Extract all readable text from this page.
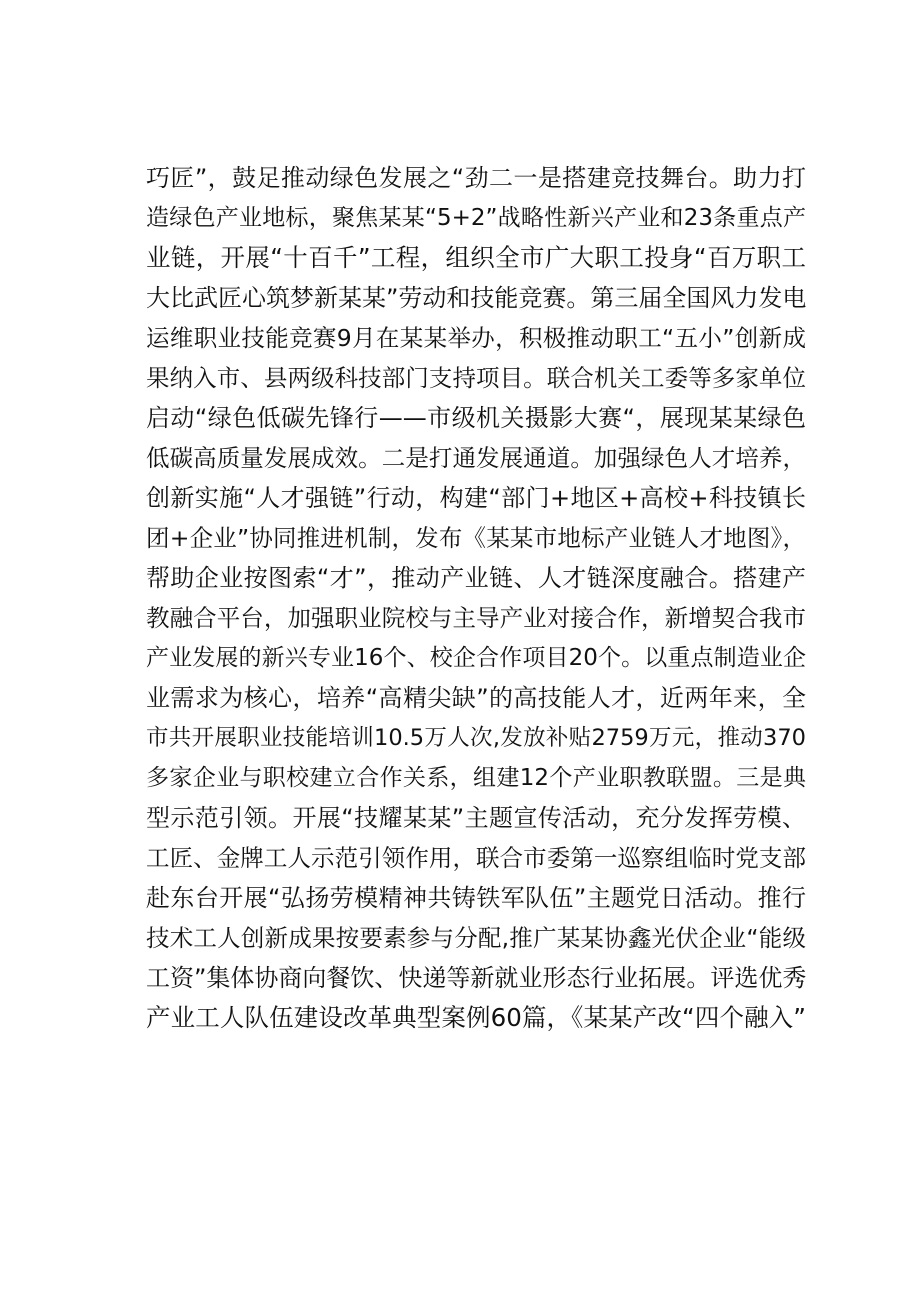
巧匠”，鼓足推动绿色发展之“劲二一是搭建竞技舞台。助力打
造绿色产业地标，聚焦某某“5+2”战略性新兴产业和23条重点产
业链，开展“十百千”工程，组织全市广大职工投身“百万职工
大比武匠心筑梦新某某”劳动和技能竞赛。第三届全国风力发电
运维职业技能竞赛9月在某某举办，积极推动职工“五小”创新成
果纳入市、县两级科技部门支持项目。联合机关工委等多家单位
启动“绿色低碳先锋行——市级机关摄影大赛“，展现某某绿色
低碳高质量发展成效。二是打通发展通道。加强绿色人才培养，
创新实施“人才强链”行动，构建“部门+地区+高校+科技镇长
团+企业”协同推进机制，发布《某某市地标产业链人才地图》，
帮助企业按图索“才”，推动产业链、人才链深度融合。搭建产
教融合平台，加强职业院校与主导产业对接合作，新增契合我市
产业发展的新兴专业16个、校企合作项目20个。以重点制造业企
业需求为核心，培养“高精尖缺”的高技能人才，近两年来，全
市共开展职业技能培训10.5万人次,发放补贴2759万元，推动370
多家企业与职校建立合作关系，组建12个产业职教联盟。三是典
型示范引领。开展“技耀某某”主题宣传活动，充分发挥劳模、
工匠、金牌工人示范引领作用，联合市委第一巡察组临时党支部
赴东台开展“弘扬劳模精神共铸铁军队伍”主题党日活动。推行
技术工人创新成果按要素参与分配,推广某某协鑫光伏企业“能级
工资”集体协商向餐饮、快递等新就业形态行业拓展。评选优秀
产业工人队伍建设改革典型案例60篇，《某某产改“四个融入”
